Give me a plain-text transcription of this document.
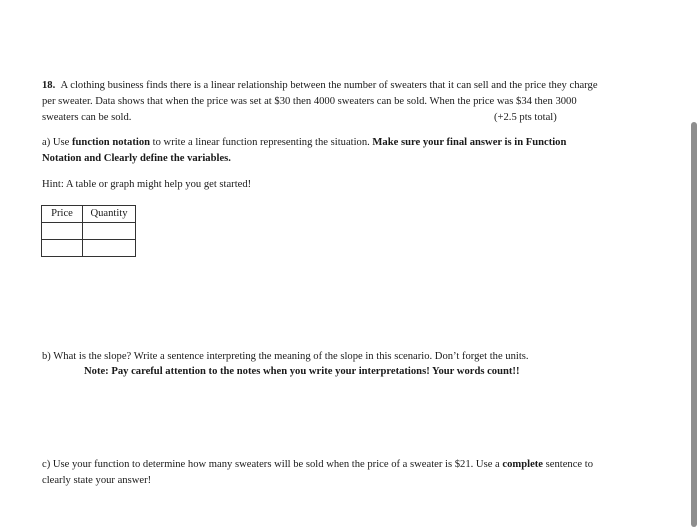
18. A clothing business finds there is a linear relationship between the number of sweaters that it can sell and the price they charge
per sweater. Data shows that when the price was set at $30 then 4000 sweaters can be sold. When the price was $34 then 3000
sweaters can be sold.	(+2.5 pts total)
a) Use function notation to write a linear function representing the situation. Make sure your final answer is in Function
Notation and Clearly define the variables.
Hint: A table or graph might help you get started!
Price	Quantity

b) What is the slope? Write a sentence interpreting the meaning of the slope in this scenario. Don’t forget the units.
Note: Pay careful attention to the notes when you write your interpretations! Your words count!!
c) Use your function to determine how many sweaters will be sold when the price of a sweater is $21. Use a complete sentence to
clearly state your answer!
